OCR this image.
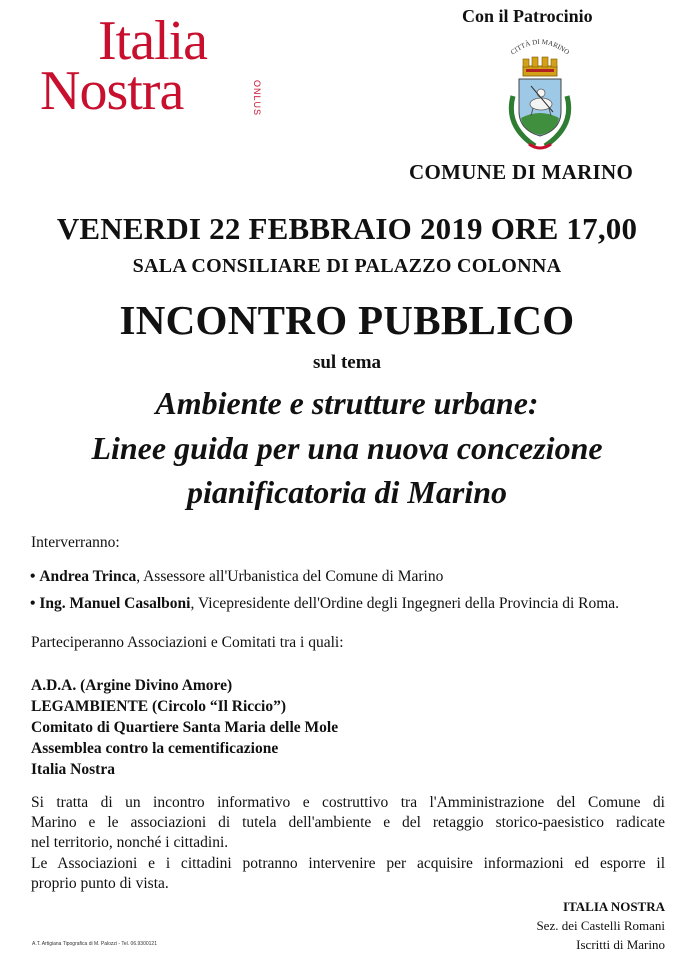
Italia
Nostra	ONLUS
Con il Patrocinio
CITTÀ DI MARINO
COMUNE DI MARINO
VENERDI 22 FEBBRAIO 2019 ORE 17,00
SALA CONSILIARE DI PALAZZO COLONNA
INCONTRO PUBBLICO
sul tema
Ambiente e strutture urbane:
Linee guida per una nuova concezione
pianificatoria di Marino
Interverranno:
• Andrea Trinca, Assessore all'Urbanistica del Comune di Marino
• Ing. Manuel Casalboni, Vicepresidente dell'Ordine degli Ingegneri della Provincia di Roma.
Parteciperanno Associazioni e Comitati tra i quali:
A.D.A. (Argine Divino Amore)
LEGAMBIENTE (Circolo “Il Riccio”)
Comitato di Quartiere Santa Maria delle Mole
Assemblea contro la cementificazione
Italia Nostra
Si tratta di un incontro informativo e costruttivo tra l'Amministrazione del Comune di
Marino e le associazioni di tutela dell'ambiente e del retaggio storico-paesistico radicate
nel territorio, nonché i cittadini.
Le Associazioni e i cittadini potranno intervenire per acquisire informazioni ed esporre il
proprio punto di vista.
ITALIA NOSTRA
Sez. dei Castelli Romani
Iscritti di Marino
A.T. Artigiana Tipografica di M. Palozzi - Tel. 06.9300121
